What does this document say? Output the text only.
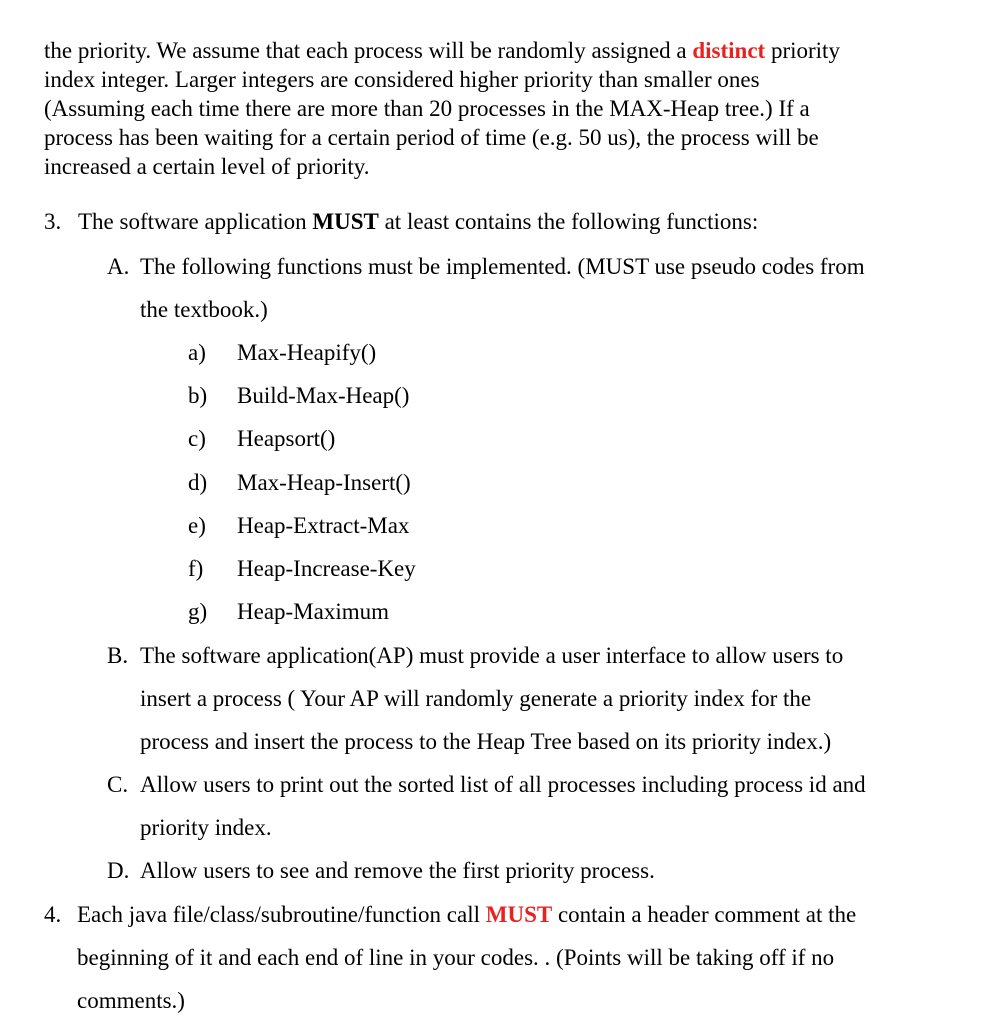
the priority. We assume that each process will be randomly assigned a distinct priority
index integer. Larger integers are considered higher priority than smaller ones
(Assuming each time there are more than 20 processes in the MAX-Heap tree.) If a
process has been waiting for a certain period of time (e.g. 50 us), the process will be
increased a certain level of priority.
3. The software application MUST at least contains the following functions:
A. The following functions must be implemented. (MUST use pseudo codes from
the textbook.)
a) Max-Heapify()
b) Build-Max-Heap()
c) Heapsort()
d) Max-Heap-Insert()
e) Heap-Extract-Max
f) Heap-Increase-Key
g) Heap-Maximum
B. The software application(AP) must provide a user interface to allow users to
insert a process ( Your AP will randomly generate a priority index for the
process and insert the process to the Heap Tree based on its priority index.)
C. Allow users to print out the sorted list of all processes including process id and
priority index.
D. Allow users to see and remove the first priority process.
4. Each java file/class/subroutine/function call MUST contain a header comment at the
beginning of it and each end of line in your codes. . (Points will be taking off if no
comments.)
